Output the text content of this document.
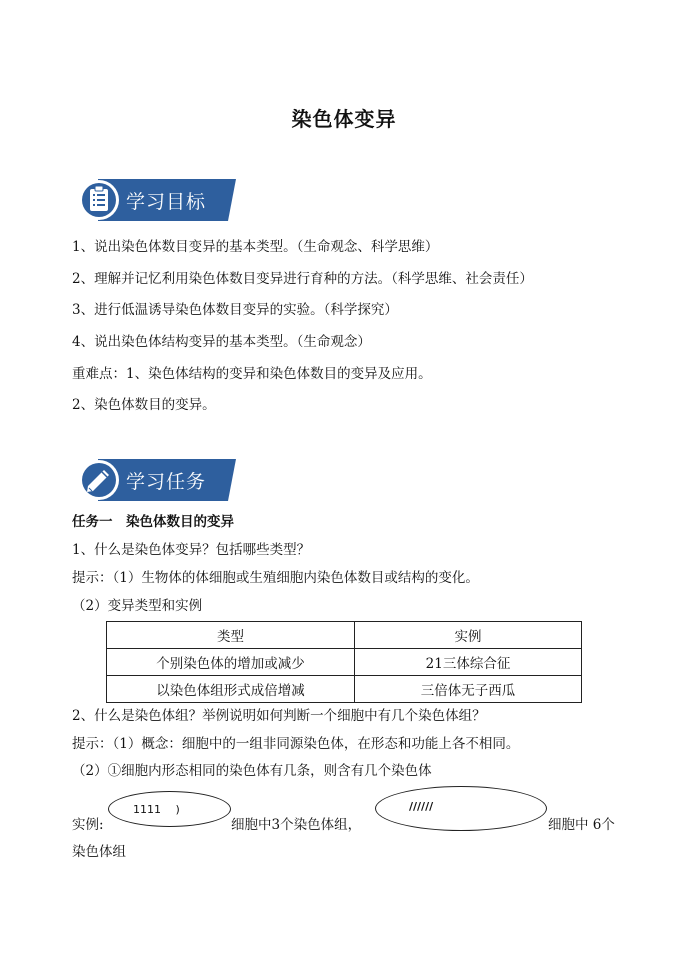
染色体变异
学习目标
1、说出染色体数目变异的基本类型。（生命观念、科学思维）
2、理解并记忆利用染色体数目变异进行育种的方法。（科学思维、社会责任）
3、进行低温诱导染色体数目变异的实验。（科学探究）
4、说出染色体结构变异的基本类型。（生命观念）
重难点：1、染色体结构的变异和染色体数目的变异及应用。
2、染色体数目的变异。
学习任务
任务一　染色体数目的变异
1、什么是染色体变异？包括哪些类型？
提示：（1）生物体的体细胞或生殖细胞内染色体数目或结构的变化。
（2）变异类型和实例
类型	实例
个别染色体的增加或减少	21三体综合征
以染色体组形式成倍增减	三倍体无子西瓜
2、什么是染色体组？举例说明如何判断一个细胞中有几个染色体组？
提示：（1）概念：细胞中的一组非同源染色体，在形态和功能上各不相同。
（2）①细胞内形态相同的染色体有几条，则含有几个染色体
1111　 )	//////
实例:	细胞中3个染色体组，	细胞中 6个
染色体组
